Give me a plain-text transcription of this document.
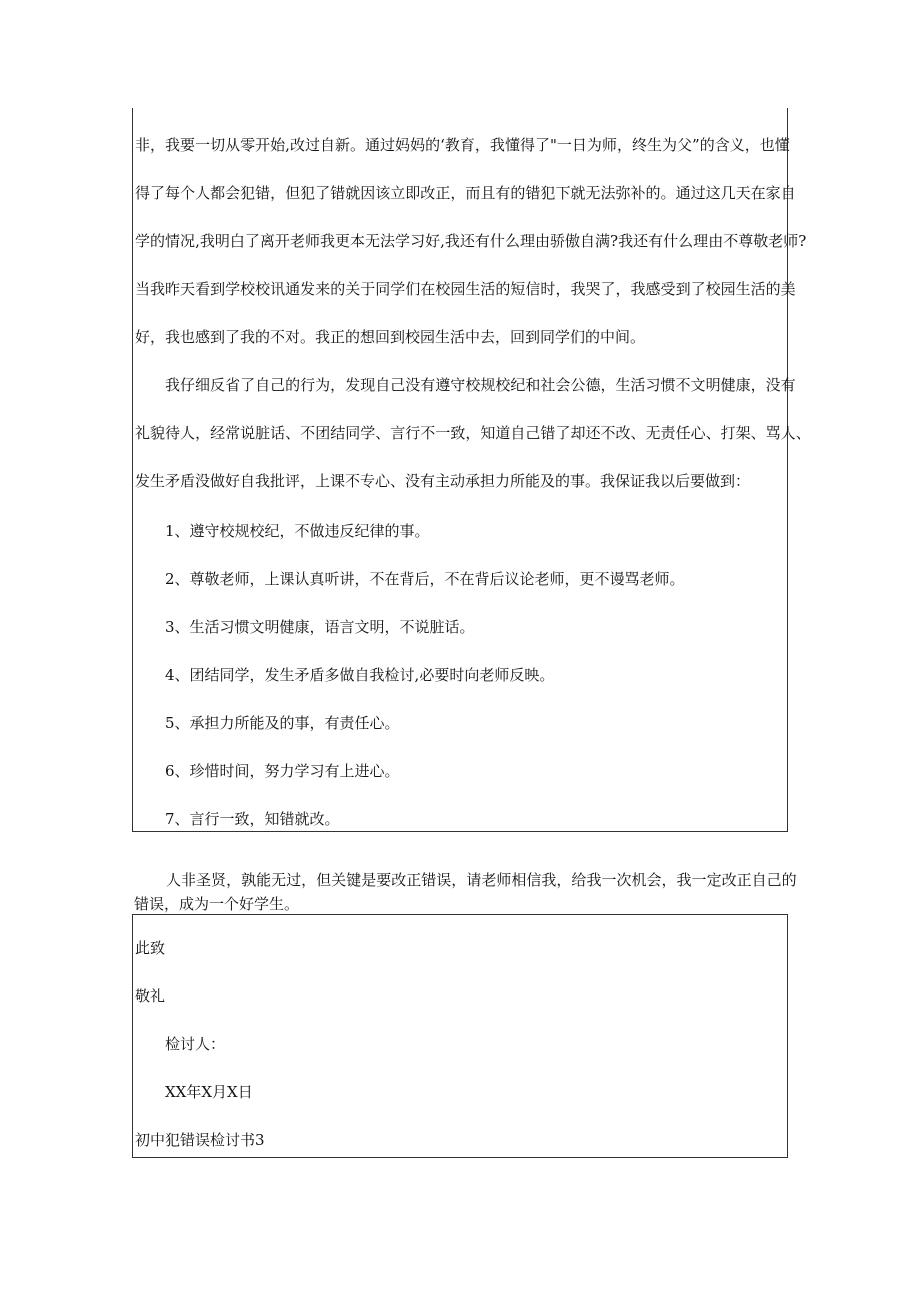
非 ， 我 要 一 切 从 零 开 始 , 改 过 自 新 。 通 过 妈 妈 的 ‘ 教 育 ， 我 懂 得 了 " 一 日 为 师 ， 终 生 为 父 ” 的 含 义 ， 也 懂
得 了 每 个 人 都 会 犯 错 ， 但 犯 了 错 就 因 该 立 即 改 正 ， 而 且 有 的 错 犯 下 就 无 法 弥 补 的 。 通 过 这 几 天 在 家 自
学 的 情 况 , 我 明 白 了 离 开 老 师 我 更 本 无 法 学 习 好 , 我 还 有 什 么 理 由 骄 傲 自 满 ? 我 还 有 什 么 理 由 不 尊 敬 老 师 ?
当 我 昨 天 看 到 学 校 校 讯 通 发 来 的 关 于 同 学 们 在 校 园 生 活 的 短 信 时 ， 我 哭 了 ， 我 感 受 到 了 校 园 生 活 的 美
好，我也感到了我的不对。我正的想回到校园生活中去，回到同学们的中间。
我 仔 细 反 省 了 自 己 的 行 为 ， 发 现 自 己 没 有 遵 守 校 规 校 纪 和 社 会 公 德 ， 生 活 习 惯 不 文 明 健 康 ， 没 有
礼 貌 待 人 ， 经 常 说 脏 话 、 不 团 结 同 学 、 言 行 不 一 致 ， 知 道 自 己 错 了 却 还 不 改 、 无 责 任 心 、 打 架 、 骂 人 、
发生矛盾没做好自我批评，上课不专心、没有主动承担力所能及的事。我保证我以后要做到：
1、遵守校规校纪，不做违反纪律的事。
2、尊敬老师，上课认真听讲，不在背后，不在背后议论老师，更不谩骂老师。
3、生活习惯文明健康，语言文明，不说脏话。
4、团结同学，发生矛盾多做自我检讨,必要时向老师反映。
5、承担力所能及的事，有责任心。
6、珍惜时间，努力学习有上进心。
7、言行一致，知错就改。
人 非 圣 贤 ， 孰 能 无 过 ， 但 关 键 是 要 改 正 错 误 ， 请 老 师 相 信 我 ， 给 我 一 次 机 会 ， 我 一 定 改 正 自 己 的
错误，成为一个好学生。
此致
敬礼
检讨人：
XX年X月X日
初中犯错误检讨书3
